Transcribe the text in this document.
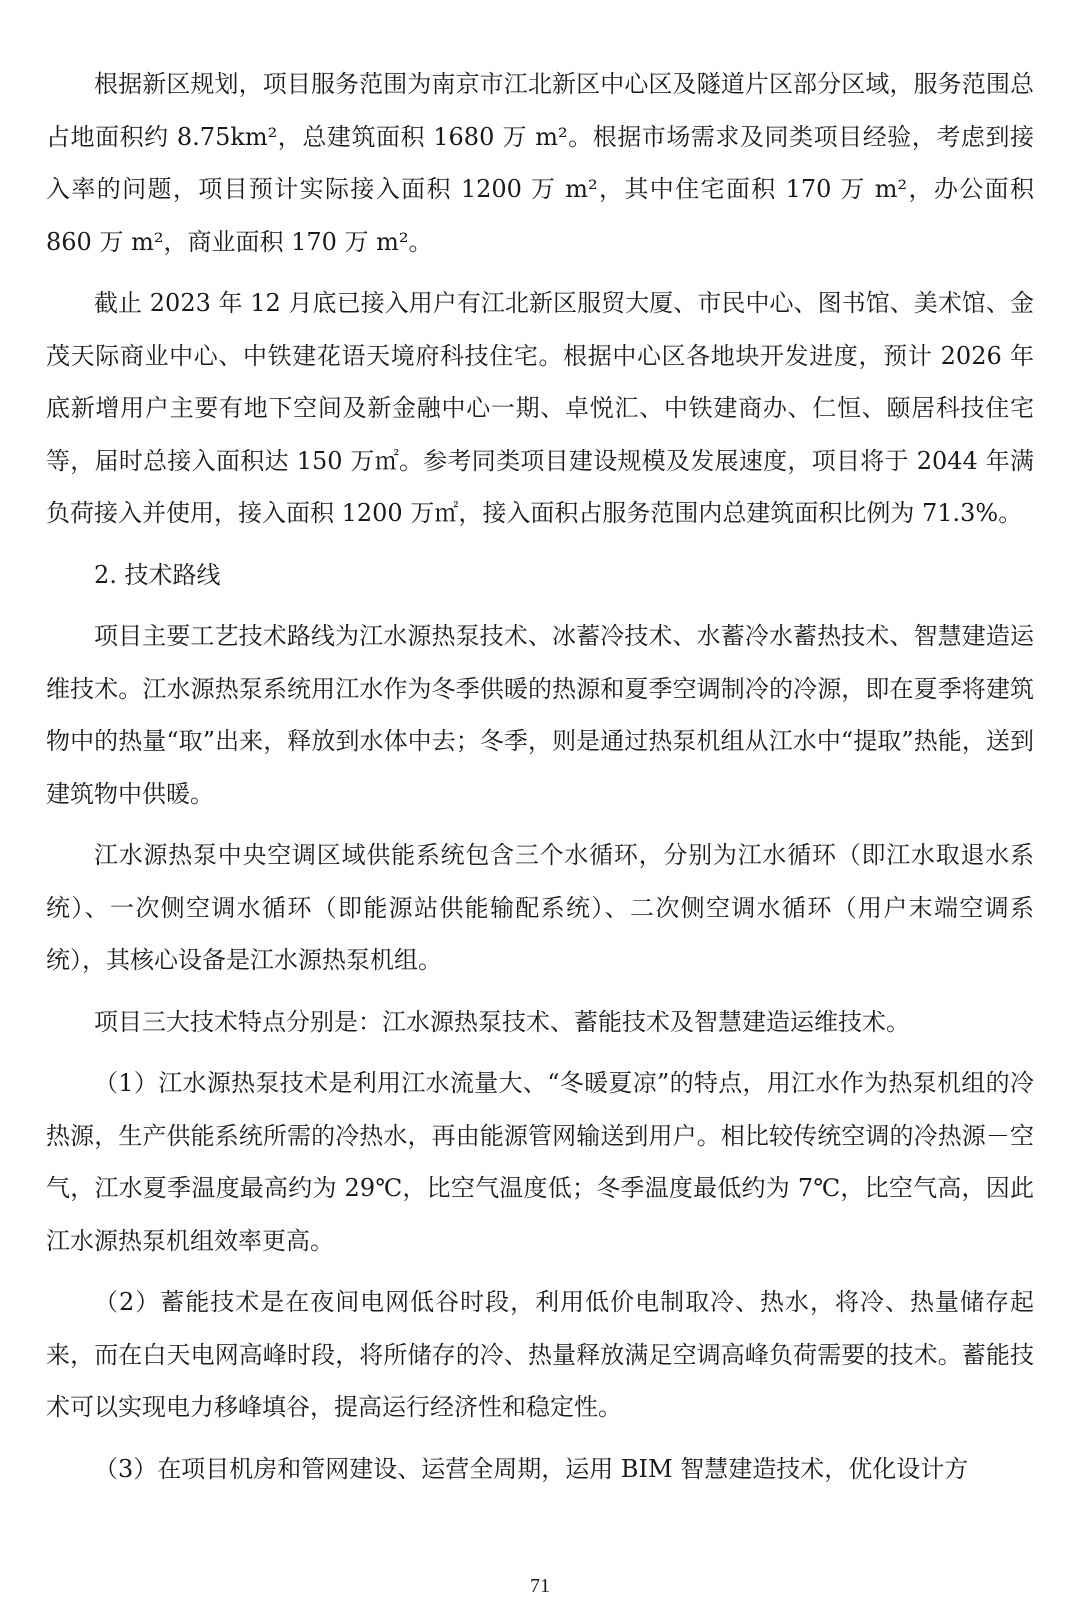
根据新区规划，项目服务范围为南京市江北新区中心区及隧道片区部分区域，服务范围总占地面积约 8.75km²，总建筑面积 1680 万 m²。根据市场需求及同类项目经验，考虑到接入率的问题，项目预计实际接入面积 1200 万 m²，其中住宅面积 170 万 m²，办公面积 860 万 m²，商业面积 170 万 m²。

截止 2023 年 12 月底已接入用户有江北新区服贸大厦、市民中心、图书馆、美术馆、金茂天际商业中心、中铁建花语天境府科技住宅。根据中心区各地块开发进度，预计 2026 年底新增用户主要有地下空间及新金融中心一期、卓悦汇、中铁建商办、仁恒、颐居科技住宅等，届时总接入面积达 150 万㎡。参考同类项目建设规模及发展速度，项目将于 2044 年满负荷接入并使用，接入面积 1200 万㎡，接入面积占服务范围内总建筑面积比例为 71.3%。

2. 技术路线

项目主要工艺技术路线为江水源热泵技术、冰蓄冷技术、水蓄冷水蓄热技术、智慧建造运维技术。江水源热泵系统用江水作为冬季供暖的热源和夏季空调制冷的冷源，即在夏季将建筑物中的热量“取”出来，释放到水体中去；冬季，则是通过热泵机组从江水中“提取”热能，送到建筑物中供暖。

江水源热泵中央空调区域供能系统包含三个水循环，分别为江水循环（即江水取退水系统）、一次侧空调水循环（即能源站供能输配系统）、二次侧空调水循环（用户末端空调系统），其核心设备是江水源热泵机组。

项目三大技术特点分别是：江水源热泵技术、蓄能技术及智慧建造运维技术。

（1）江水源热泵技术是利用江水流量大、“冬暖夏凉”的特点，用江水作为热泵机组的冷热源，生产供能系统所需的冷热水，再由能源管网输送到用户。相比较传统空调的冷热源－空气，江水夏季温度最高约为 29℃，比空气温度低；冬季温度最低约为 7℃，比空气高，因此江水源热泵机组效率更高。

（2）蓄能技术是在夜间电网低谷时段，利用低价电制取冷、热水，将冷、热量储存起来，而在白天电网高峰时段，将所储存的冷、热量释放满足空调高峰负荷需要的技术。蓄能技术可以实现电力移峰填谷，提高运行经济性和稳定性。

（3）在项目机房和管网建设、运营全周期，运用 BIM 智慧建造技术，优化设计方

71
